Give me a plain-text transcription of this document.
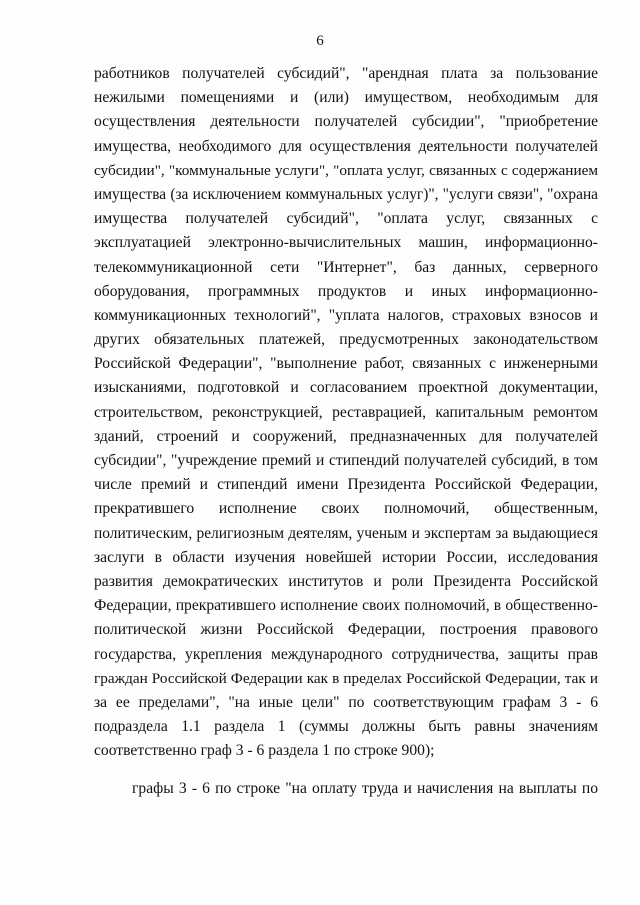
6
работников получателей субсидий", "арендная плата за пользование
нежилыми помещениями и (или) имуществом, необходимым для
осуществления деятельности получателей субсидии", "приобретение
имущества, необходимого для осуществления деятельности получателей
субсидии", "коммунальные услуги", "оплата услуг, связанных с содержанием
имущества (за исключением коммунальных услуг)", "услуги связи", "охрана
имущества получателей субсидий", "оплата услуг, связанных с
эксплуатацией электронно-вычислительных машин, информационно-
телекоммуникационной сети "Интернет", баз данных, серверного
оборудования, программных продуктов и иных информационно-
коммуникационных технологий", "уплата налогов, страховых взносов и
других обязательных платежей, предусмотренных законодательством
Российской Федерации", "выполнение работ, связанных с инженерными
изысканиями, подготовкой и согласованием проектной документации,
строительством, реконструкцией, реставрацией, капитальным ремонтом
зданий, строений и сооружений, предназначенных для получателей
субсидии", "учреждение премий и стипендий получателей субсидий, в том
числе премий и стипендий имени Президента Российской Федерации,
прекратившего исполнение своих полномочий, общественным,
политическим, религиозным деятелям, ученым и экспертам за выдающиеся
заслуги в области изучения новейшей истории России, исследования
развития демократических институтов и роли Президента Российской
Федерации, прекратившего исполнение своих полномочий, в общественно-
политической жизни Российской Федерации, построения правового
государства, укрепления международного сотрудничества, защиты прав
граждан Российской Федерации как в пределах Российской Федерации, так и
за ее пределами", "на иные цели" по соответствующим графам 3 - 6
подраздела 1.1 раздела 1 (суммы должны быть равны значениям
соответственно граф 3 - 6 раздела 1 по строке 900);
графы 3 - 6 по строке "на оплату труда и начисления на выплаты по
